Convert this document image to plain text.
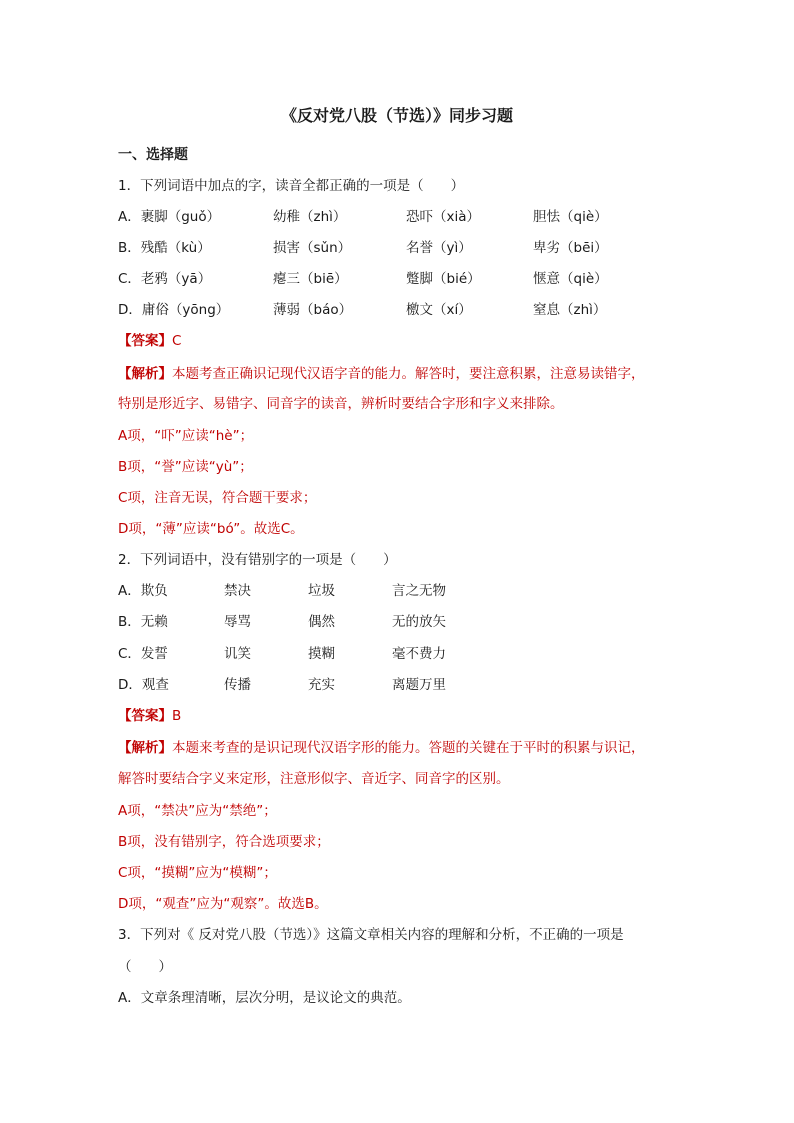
《反对党八股（节选）》同步习题
一、选择题
1．下列词语中加点的字，读音全都正确的一项是（　　）
A．裹脚（guǒ）	幼稚（zhì）	恐吓（xià）	胆怯（qiè）
B．残酷（kù）	损害（sǔn）	名誉（yì）	卑劣（bēi）
C．老鸦（yā）	瘪三（biē）	蹩脚（bié）	惬意（qiè）
D．庸俗（yōng）	薄弱（báo）	檄文（xí）	窒息（zhì）
【答案】C
【解析】本题考查正确识记现代汉语字音的能力。解答时，要注意积累，注意易读错字，
特别是形近字、易错字、同音字的读音，辨析时要结合字形和字义来排除。
A项，“吓”应读“hè”；
B项，“誉”应读“yù”；
C项，注音无误，符合题干要求；
D项，“薄”应读“bó”。故选C。
2．下列词语中，没有错别字的一项是（　　）
A．欺负	禁决	垃圾	言之无物
B．无赖	辱骂	偶然	无的放矢
C．发誓	讥笑	摸糊	毫不费力
D．观查	传播	充实	离题万里
【答案】B
【解析】本题来考查的是识记现代汉语字形的能力。答题的关键在于平时的积累与识记，
解答时要结合字义来定形，注意形似字、音近字、同音字的区别。
A项，“禁决”应为“禁绝”；
B项，没有错别字，符合选项要求；
C项，“摸糊”应为“模糊”；
D项，“观查”应为“观察”。故选B。
3．下列对《 反对党八股（节选）》这篇文章相关内容的理解和分析，不正确的一项是
（　　）
A．文章条理清晰，层次分明，是议论文的典范。
